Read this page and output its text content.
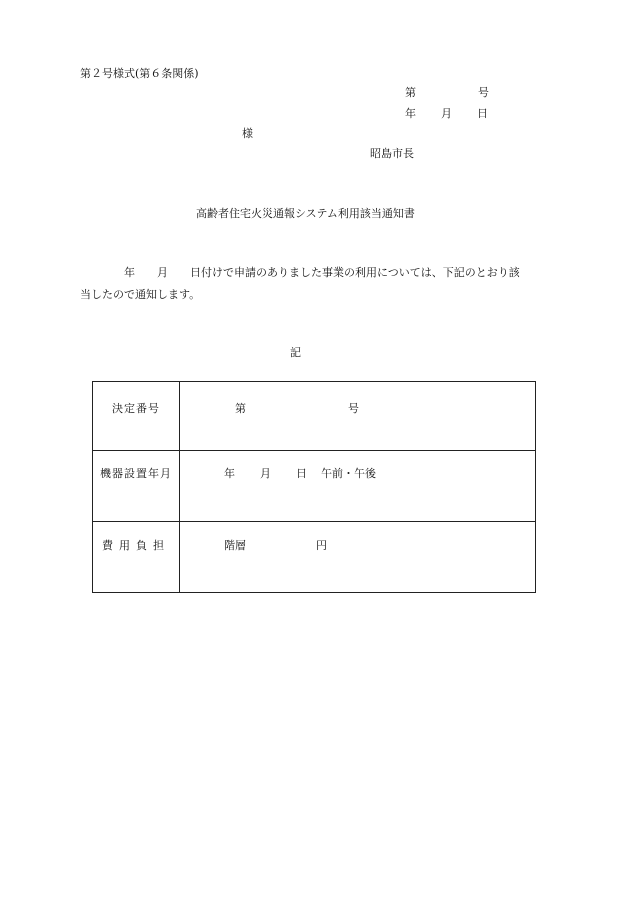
第２号様式(第６条関係)
第	号
年 月 日
様
昭島市長
高齢者住宅火災通報システム利用該当通知書
　　　　年　　 月　　 日付けで申請のありました事業の利用については、下記のとおり該
当したので通知します。
記
決定番号	第 号

機器設置年月	年 月 日 午前・午後

費用負担	階層 円
